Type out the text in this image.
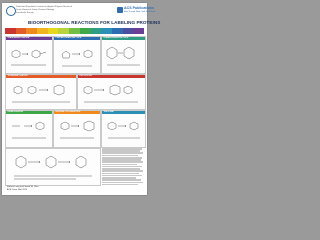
Dedicated Fraunhofer Institute for Applied Polymer Research
Junior Research Group Chemical Biology
Fraunhofer Society
ACS Publications
Most Trusted. Most Cited. Most Read.
BIOORTHOGONAL REACTIONS FOR LABELING PROTEINS
STAUDINGER LIGATION	COPPER-CATALYZED CLICK	STRAIN-PROMOTED CLICK
TETRAZINE LIGATION	PHOTOCLICK
OXIME LIGATION	NITRONE CYCLOADDITION	THIOL-ENE
Kathrin Lang and Jason W. Chin
ACS Chem. Biol. 2014
